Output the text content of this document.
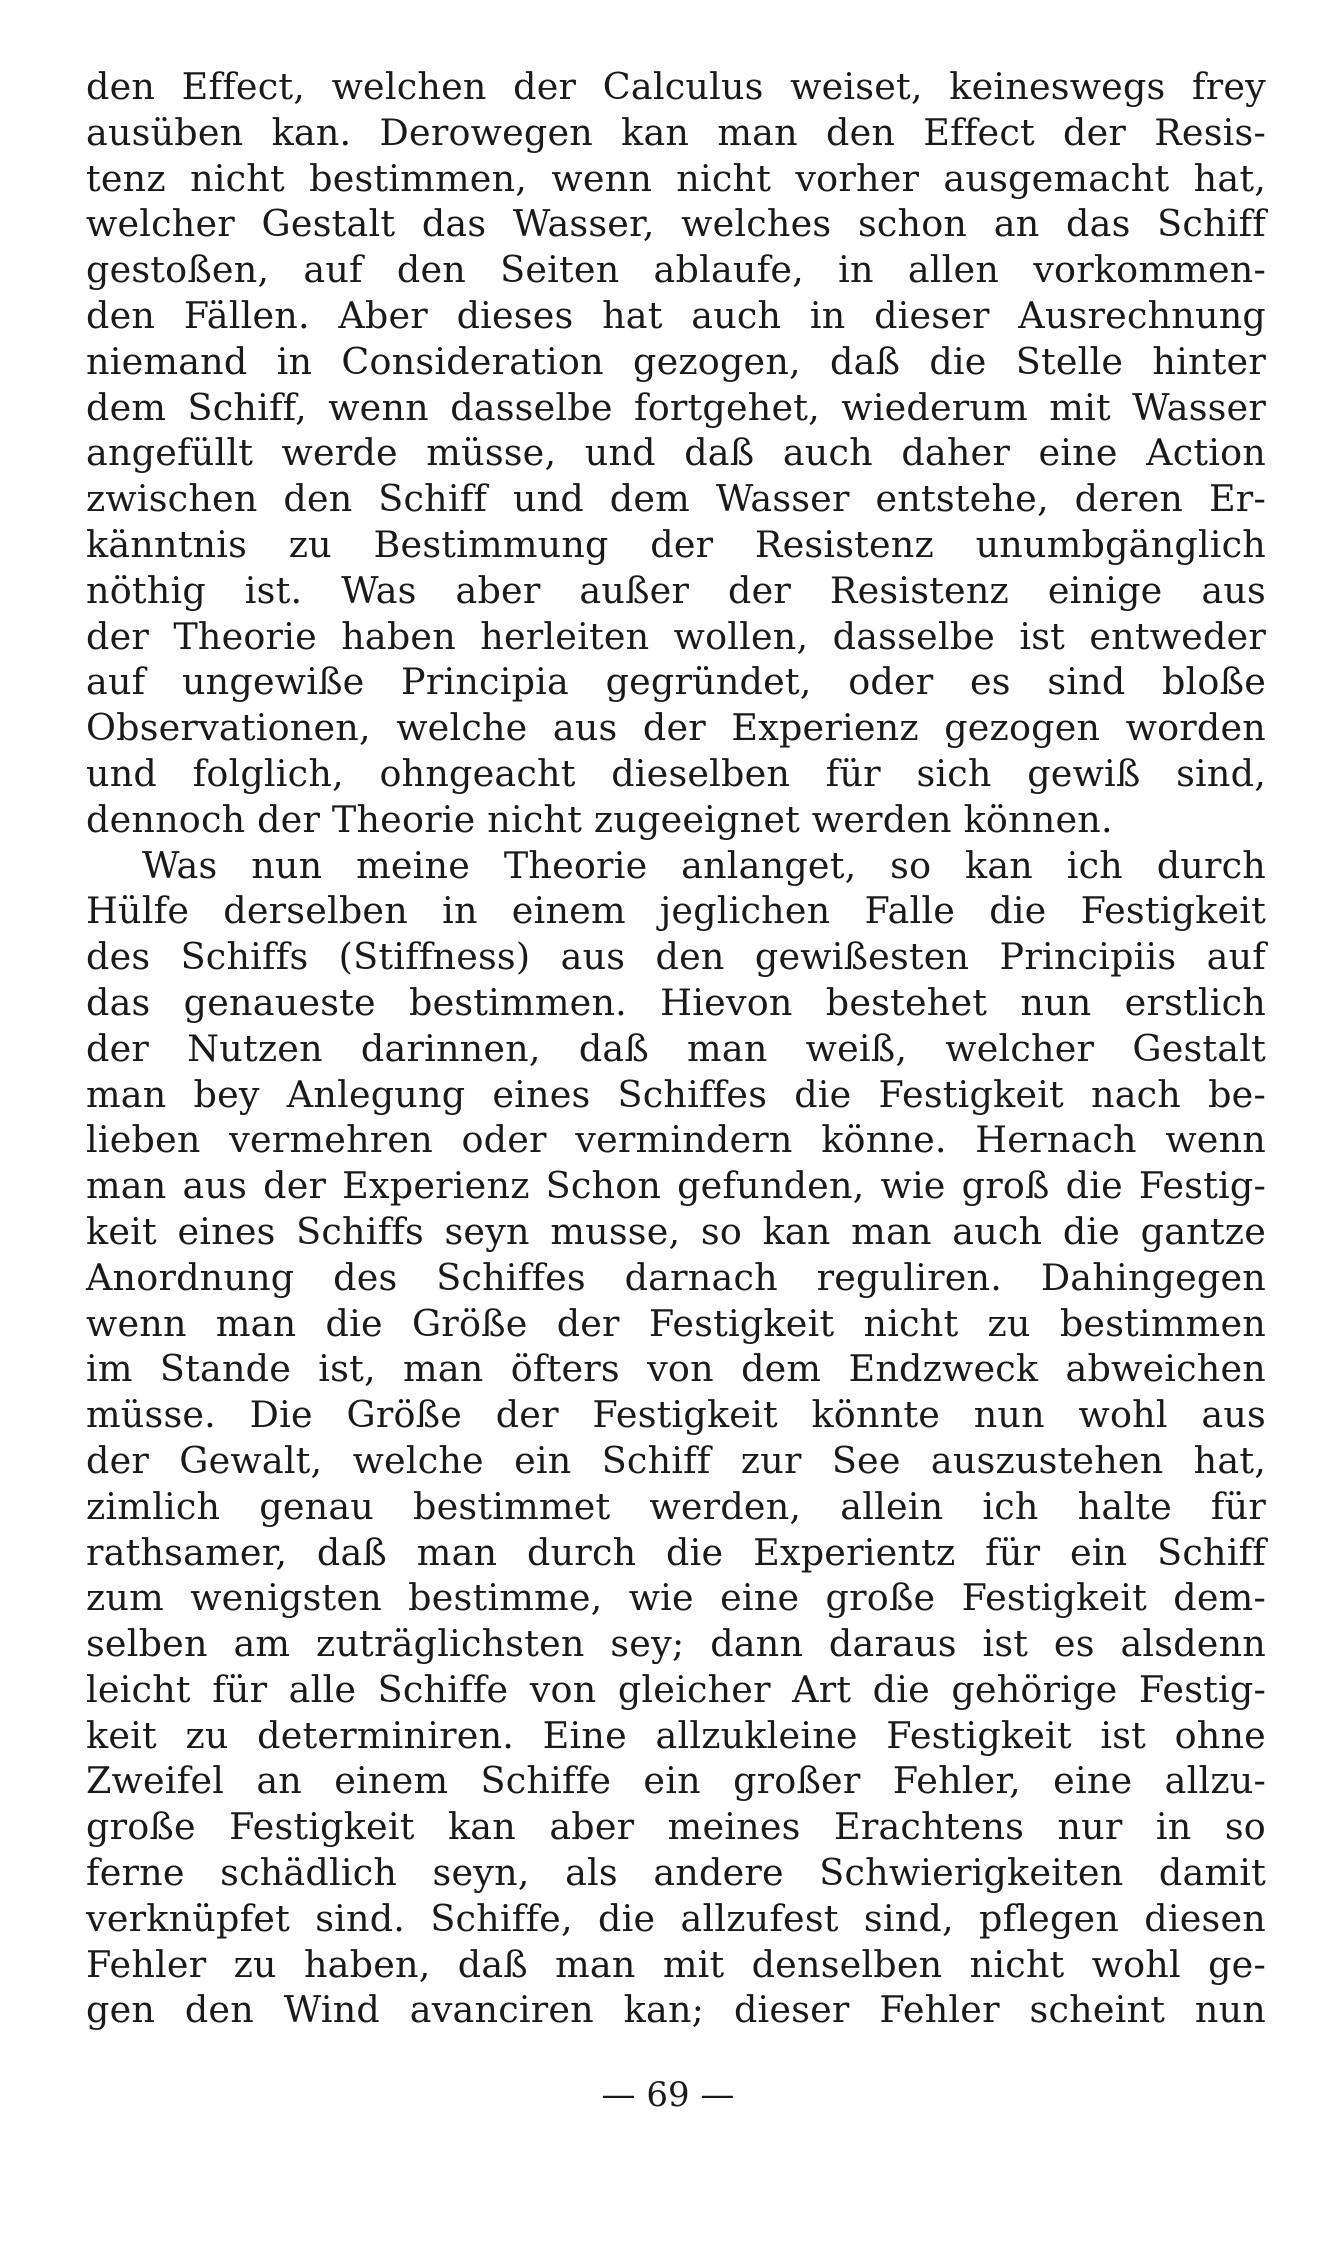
den Effect, welchen der Calculus weiset, keineswegs frey
ausüben kan. Derowegen kan man den Effect der Resis-
tenz nicht bestimmen, wenn nicht vorher ausgemacht hat,
welcher Gestalt das Wasser, welches schon an das Schiff
gestoßen, auf den Seiten ablaufe, in allen vorkommen-
den Fällen. Aber dieses hat auch in dieser Ausrechnung
niemand in Consideration gezogen, daß die Stelle hinter
dem Schiff, wenn dasselbe fortgehet, wiederum mit Wasser
angefüllt werde müsse, und daß auch daher eine Action
zwischen den Schiff und dem Wasser entstehe, deren Er-
känntnis zu Bestimmung der Resistenz unumbgänglich
nöthig ist. Was aber außer der Resistenz einige aus
der Theorie haben herleiten wollen, dasselbe ist entweder
auf ungewiße Principia gegründet, oder es sind bloße
Observationen, welche aus der Experienz gezogen worden
und folglich, ohngeacht dieselben für sich gewiß sind,
dennoch der Theorie nicht zugeeignet werden können.
Was nun meine Theorie anlanget, so kan ich durch
Hülfe derselben in einem jeglichen Falle die Festigkeit
des Schiffs (Stiffness) aus den gewißesten Principiis auf
das genaueste bestimmen. Hievon bestehet nun erstlich
der Nutzen darinnen, daß man weiß, welcher Gestalt
man bey Anlegung eines Schiffes die Festigkeit nach be-
lieben vermehren oder vermindern könne. Hernach wenn
man aus der Experienz Schon gefunden, wie groß die Festig-
keit eines Schiffs seyn musse, so kan man auch die gantze
Anordnung des Schiffes darnach reguliren. Dahingegen
wenn man die Größe der Festigkeit nicht zu bestimmen
im Stande ist, man öfters von dem Endzweck abweichen
müsse. Die Größe der Festigkeit könnte nun wohl aus
der Gewalt, welche ein Schiff zur See auszustehen hat,
zimlich genau bestimmet werden, allein ich halte für
rathsamer, daß man durch die Experientz für ein Schiff
zum wenigsten bestimme, wie eine große Festigkeit dem-
selben am zuträglichsten sey; dann daraus ist es alsdenn
leicht für alle Schiffe von gleicher Art die gehörige Festig-
keit zu determiniren. Eine allzukleine Festigkeit ist ohne
Zweifel an einem Schiffe ein großer Fehler, eine allzu-
große Festigkeit kan aber meines Erachtens nur in so
ferne schädlich seyn, als andere Schwierigkeiten damit
verknüpfet sind. Schiffe, die allzufest sind, pflegen diesen
Fehler zu haben, daß man mit denselben nicht wohl ge-
gen den Wind avanciren kan; dieser Fehler scheint nun
— 69 —
